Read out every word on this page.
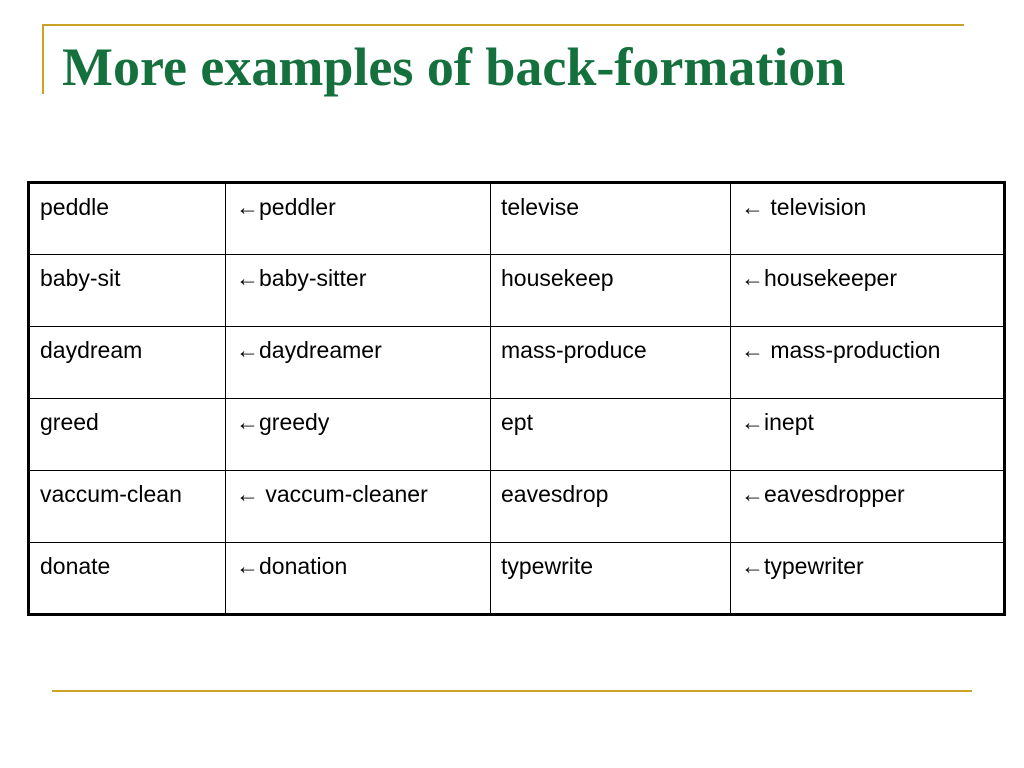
More examples of back-formation
peddle	←peddler	televise	← television
baby-sit	←baby-sitter	housekeep	←housekeeper
daydream	←daydreamer	mass-produce	← mass-production
greed	←greedy	ept	←inept
vaccum-clean	← vaccum-cleaner	eavesdrop	←eavesdropper
donate	←donation	typewrite	←typewriter
